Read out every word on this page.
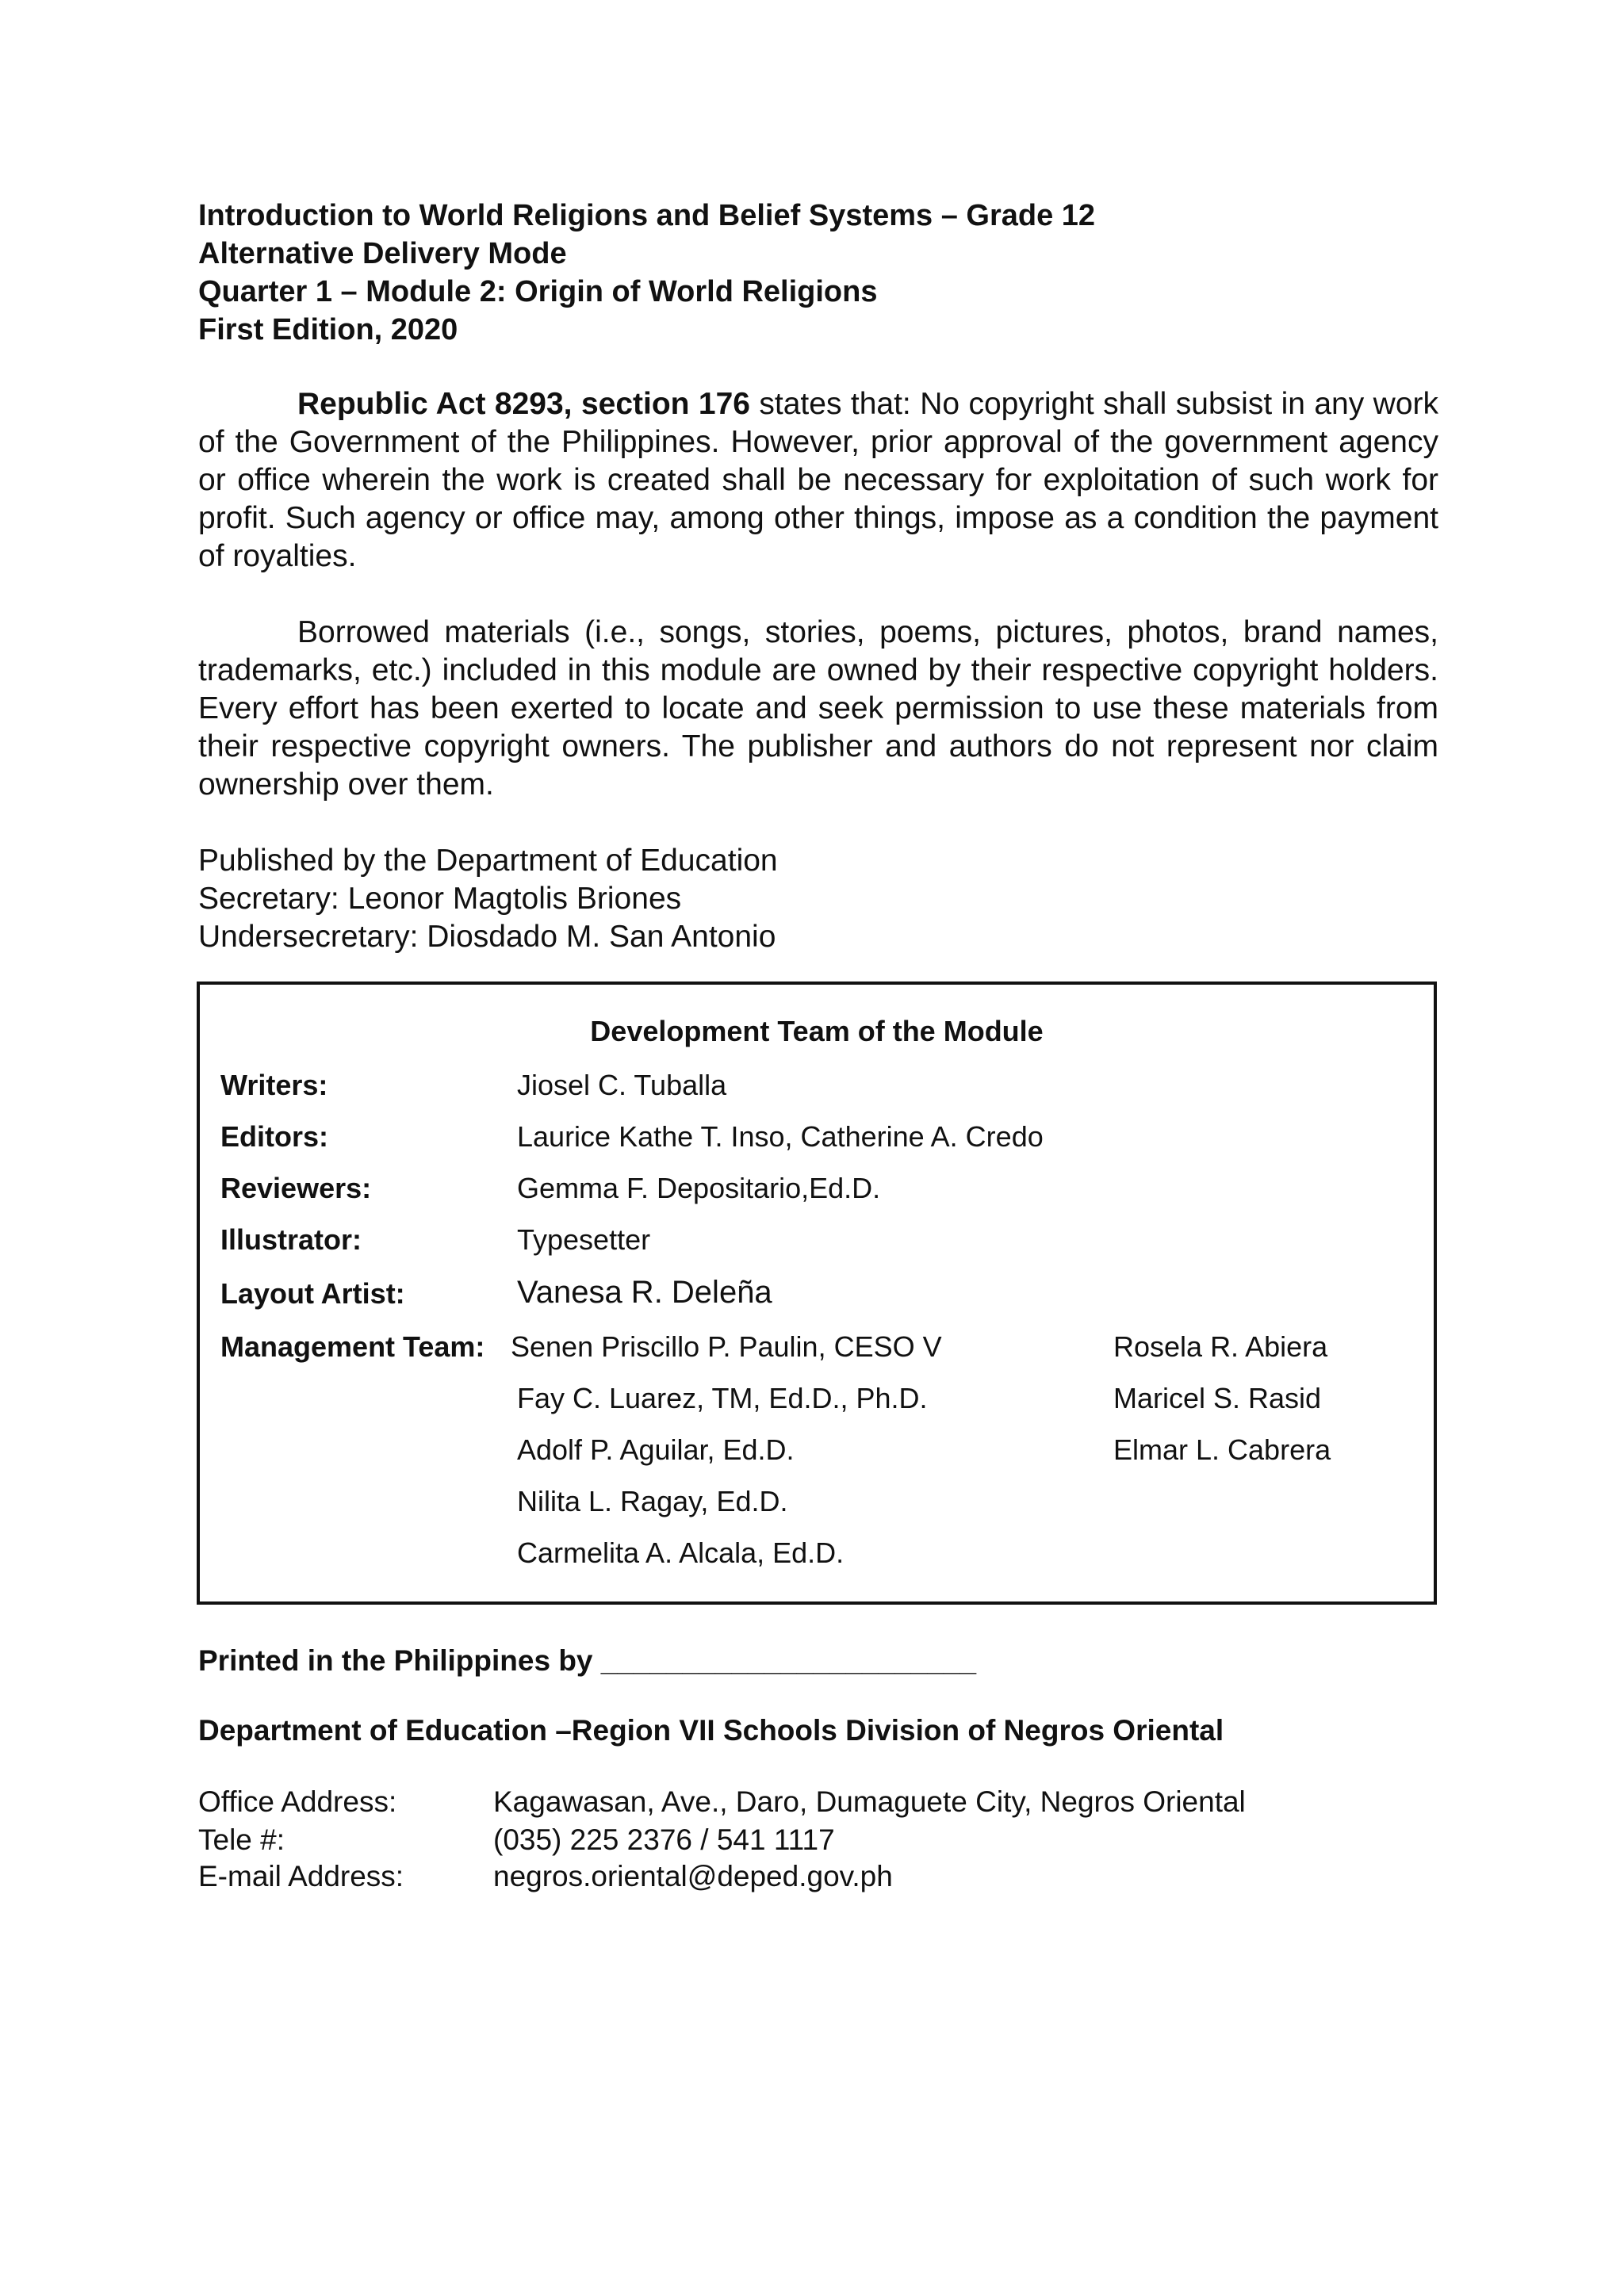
Introduction to World Religions and Belief Systems – Grade 12
Alternative Delivery Mode
Quarter 1 – Module 2: Origin of World Religions
First Edition, 2020

Republic Act 8293, section 176 states that: No copyright shall subsist in any work of the Government of the Philippines. However, prior approval of the government agency or office wherein the work is created shall be necessary for exploitation of such work for profit. Such agency or office may, among other things, impose as a condition the payment of royalties.

Borrowed materials (i.e., songs, stories, poems, pictures, photos, brand names, trademarks, etc.) included in this module are owned by their respective copyright holders. Every effort has been exerted to locate and seek permission to use these materials from their respective copyright owners. The publisher and authors do not represent nor claim ownership over them.

Published by the Department of Education
Secretary: Leonor Magtolis Briones
Undersecretary: Diosdado M. San Antonio
Development Team of the Module
Writers:	Jiosel C. Tuballa
Editors:	Laurice Kathe T. Inso, Catherine A. Credo
Reviewers:	Gemma F. Depositario,Ed.D.
Illustrator:	Typesetter
Layout Artist:	Vanesa R. Deleña
Management Team: Senen Priscillo P. Paulin, CESO V	Rosela R. Abiera
Fay C. Luarez, TM, Ed.D., Ph.D.	Maricel S. Rasid
Adolf P. Aguilar, Ed.D.	Elmar L. Cabrera
Nilita L. Ragay, Ed.D.
Carmelita A. Alcala, Ed.D.
Printed in the Philippines by _______________________
Department of Education –Region VII Schools Division of Negros Oriental
Office Address:	Kagawasan, Ave., Daro, Dumaguete City, Negros Oriental
Tele #:	(035) 225 2376 / 541 1117
E-mail Address:	negros.oriental@deped.gov.ph
